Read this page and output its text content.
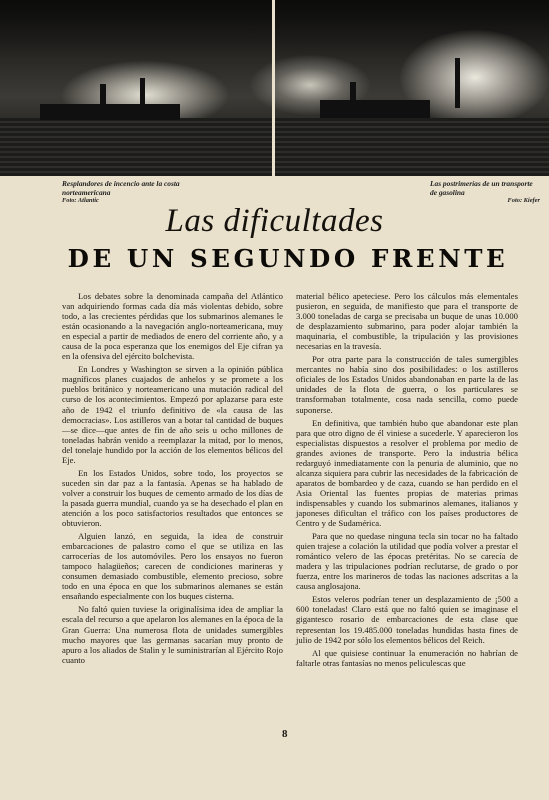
Resplandores de incencio ante la costa norteamericana
Foto: Atlantic
Las postrimerías de un transporte de gasolina
Foto: Kiefer
Las dificultades
DE UN SEGUNDO FRENTE

Los debates sobre la denominada campaña del Atlántico van adquiriendo formas cada día más violentas debido, sobre todo, a las crecientes pérdidas que los submarinos alemanes le están ocasionando a la navegación anglo-norteamericana, muy en especial a partir de mediados de enero del corriente año, y a causa de la poca esperanza que los enemigos del Eje cifran ya en la ofensiva del ejército bolchevista.

En Londres y Washington se sirven a la opinión pública magníficos planes cuajados de anhelos y se promete a los pueblos británico y norteamericano una mutación radical del curso de los acontecimientos. Empezó por aplazarse para este año de 1942 el triunfo definitivo de «la causa de las democracias». Los astilleros van a botar tal cantidad de buques—se dice—que antes de fin de año seis u ocho millones de toneladas habrán venido a reemplazar la mitad, por lo menos, del tonelaje hundido por la acción de los elementos bélicos del Eje.

En los Estados Unidos, sobre todo, los proyectos se suceden sin dar paz a la fantasía. Apenas se ha hablado de volver a construir los buques de cemento armado de los días de la pasada guerra mundial, cuando ya se ha desechado el plan en atención a los poco satisfactorios resultados que entonces se obtuvieron.

Alguien lanzó, en seguida, la idea de construir embarcaciones de palastro como el que se utiliza en las carrocerías de los automóviles. Pero los ensayos no fueron tampoco halagüeños; carecen de condiciones marineras y consumen demasiado combustible, elemento precioso, sobre todo en una época en que los submarinos alemanes se están ensañando especialmente con los buques cisterna.

No faltó quien tuviese la originalísima idea de ampliar la escala del recurso a que apelaron los alemanes en la época de la Gran Guerra: Una numerosa flota de unidades sumergibles mucho mayores que las germanas sacarían muy pronto de apuro a los aliados de Stalin y le suministrarían al Ejército Rojo cuanto

material bélico apeteciese. Pero los cálculos más elementales pusieron, en seguida, de manifiesto que para el transporte de 3.000 toneladas de carga se precisaba un buque de unas 10.000 de desplazamiento submarino, para poder alojar también la maquinaria, el combustible, la tripulación y las provisiones necesarias en la travesía.

Por otra parte para la construcción de tales sumergibles mercantes no había sino dos posibilidades: o los astilleros oficiales de los Estados Unidos abandonaban en parte la de las unidades de la flota de guerra, o los particulares se transformaban totalmente, cosa nada sencilla, como puede suponerse.

En definitiva, que también hubo que abandonar este plan para que otro digno de él viniese a sucederle. Y aparecieron los especialistas dispuestos a resolver el problema por medio de grandes aviones de transporte. Pero la industria bélica redarguyó inmediatamente con la penuria de aluminio, que no alcanza siquiera para cubrir las necesidades de la fabricación de aparatos de bombardeo y de caza, cuando se han perdido en el Asia Oriental las fuentes propias de materias primas indispensables y cuando los submarinos alemanes, italianos y japoneses dificultan el tráfico con los países productores de Centro y de Sudamérica.

Para que no quedase ninguna tecla sin tocar no ha faltado quien trajese a colación la utilidad que podía volver a prestar el romántico velero de las épocas pretéritas. No se carecía de madera y las tripulaciones podrían reclutarse, de grado o por fuerza, entre los marineros de todas las naciones adscritas a la causa anglosajona.

Estos veleros podrían tener un desplazamiento de ¡500 a 600 toneladas! Claro está que no faltó quien se imaginase el gigantesco rosario de embarcaciones de esta clase que representan los 19.485.000 toneladas hundidas hasta fines de julio de 1942 por sólo los elementos bélicos del Reich.

Al que quisiese continuar la enumeración no habrían de faltarle otras fantasías no menos peliculescas que

8
